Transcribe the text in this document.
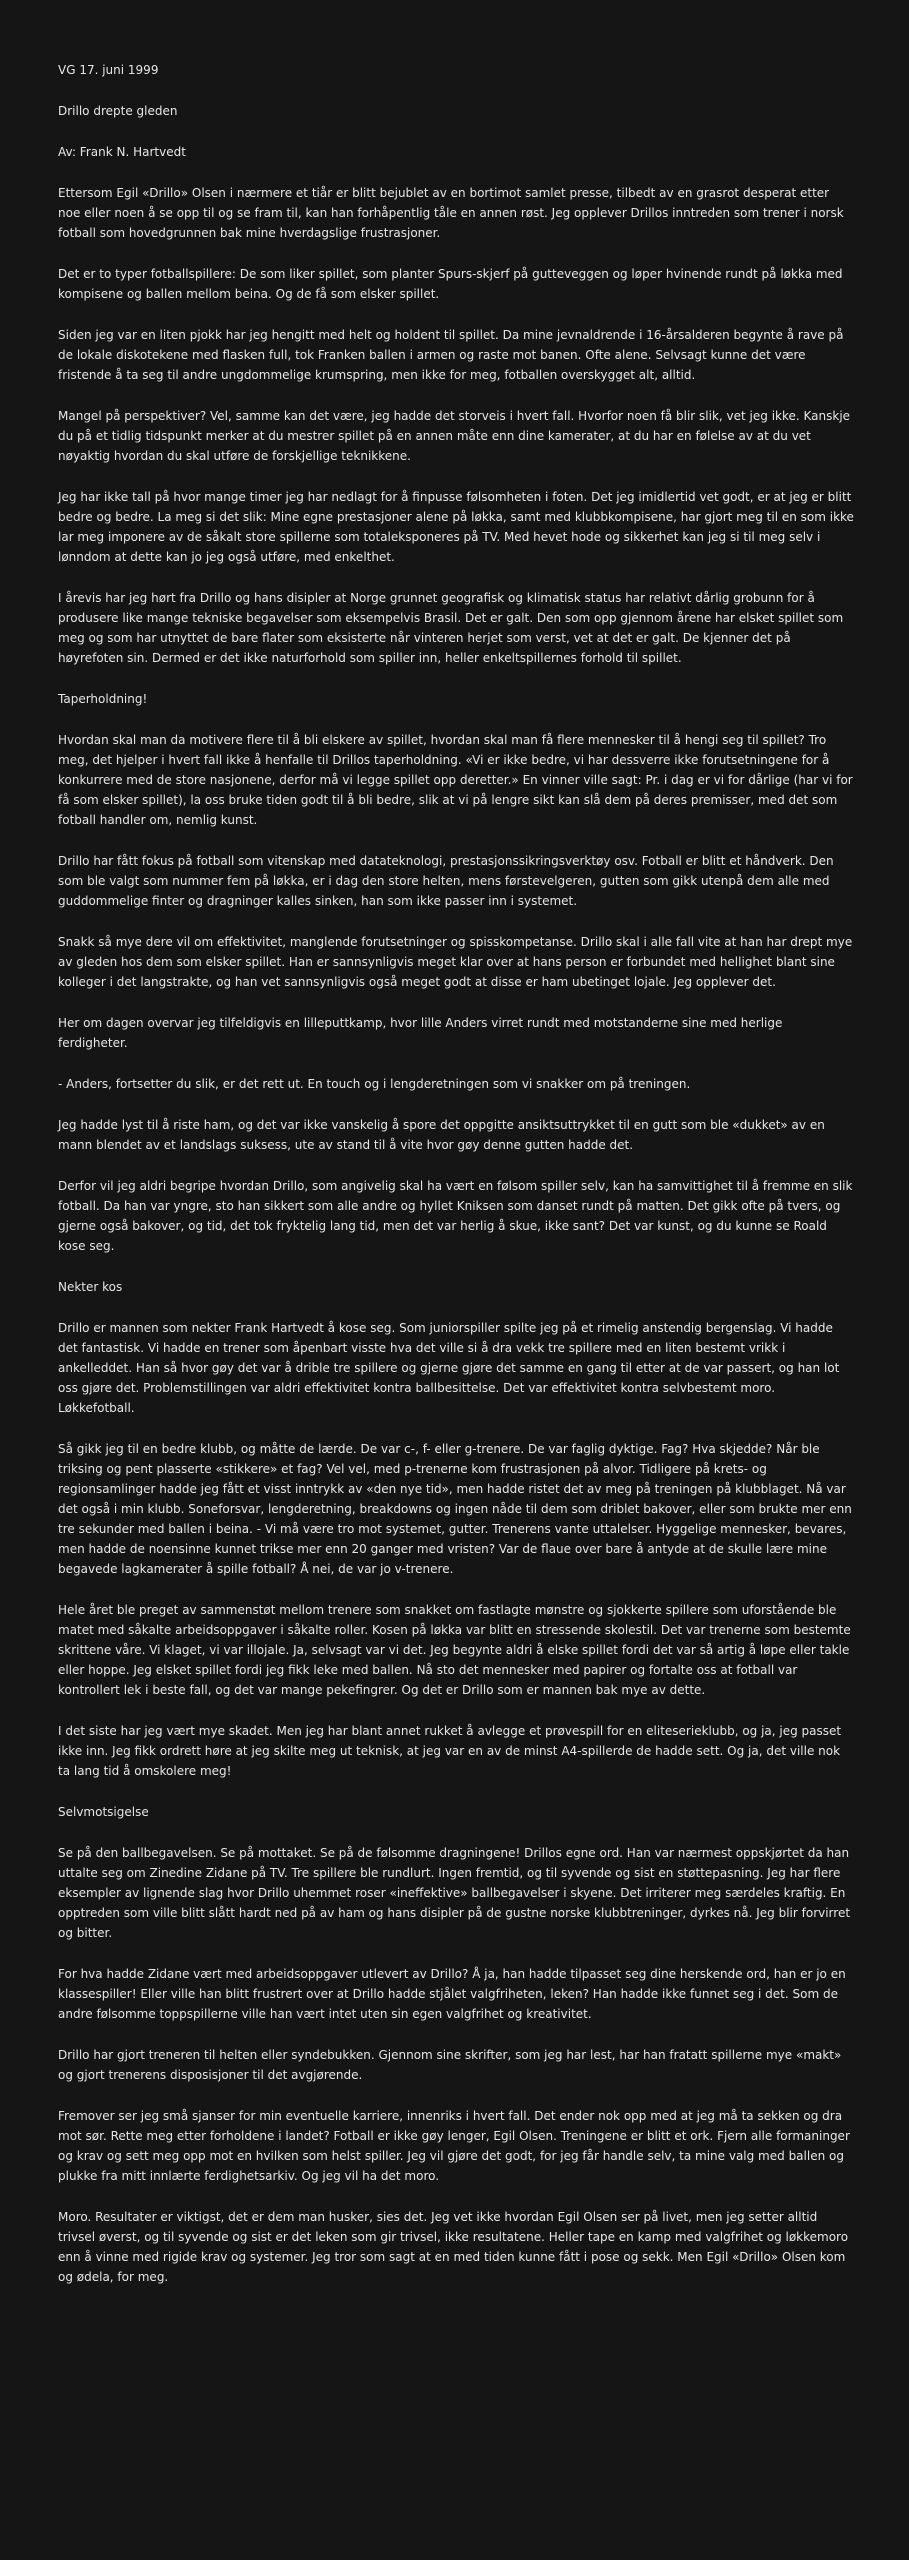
VG 17. juni 1999

Drillo drepte gleden

Av: Frank N. Hartvedt

Ettersom Egil «Drillo» Olsen i nærmere et tiår er blitt bejublet av en bortimot samlet presse, tilbedt av en grasrot desperat etter noe eller noen å se opp til og se fram til, kan han forhåpentlig tåle en annen røst. Jeg opplever Drillos inntreden som trener i norsk fotball som hovedgrunnen bak mine hverdagslige frustrasjoner.

Det er to typer fotballspillere: De som liker spillet, som planter Spurs-skjerf på gutteveggen og løper hvinende rundt på løkka med kompisene og ballen mellom beina. Og de få som elsker spillet.

Siden jeg var en liten pjokk har jeg hengitt med helt og holdent til spillet. Da mine jevnaldrende i 16-årsalderen begynte å rave på de lokale diskotekene med flasken full, tok Franken ballen i armen og raste mot banen. Ofte alene. Selvsagt kunne det være fristende å ta seg til andre ungdommelige krumspring, men ikke for meg, fotballen overskygget alt, alltid.

Mangel på perspektiver? Vel, samme kan det være, jeg hadde det storveis i hvert fall. Hvorfor noen få blir slik, vet jeg ikke. Kanskje du på et tidlig tidspunkt merker at du mestrer spillet på en annen måte enn dine kamerater, at du har en følelse av at du vet nøyaktig hvordan du skal utføre de forskjellige teknikkene.

Jeg har ikke tall på hvor mange timer jeg har nedlagt for å finpusse følsomheten i foten. Det jeg imidlertid vet godt, er at jeg er blitt bedre og bedre. La meg si det slik: Mine egne prestasjoner alene på løkka, samt med klubbkompisene, har gjort meg til en som ikke lar meg imponere av de såkalt store spillerne som totaleksponeres på TV. Med hevet hode og sikkerhet kan jeg si til meg selv i lønndom at dette kan jo jeg også utføre, med enkelthet.

I årevis har jeg hørt fra Drillo og hans disipler at Norge grunnet geografisk og klimatisk status har relativt dårlig grobunn for å produsere like mange tekniske begavelser som eksempelvis Brasil. Det er galt. Den som opp gjennom årene har elsket spillet som meg og som har utnyttet de bare flater som eksisterte når vinteren herjet som verst, vet at det er galt. De kjenner det på høyrefoten sin. Dermed er det ikke naturforhold som spiller inn, heller enkeltspillernes forhold til spillet.

Taperholdning!

Hvordan skal man da motivere flere til å bli elskere av spillet, hvordan skal man få flere mennesker til å hengi seg til spillet? Tro meg, det hjelper i hvert fall ikke å henfalle til Drillos taperholdning. «Vi er ikke bedre, vi har dessverre ikke forutsetningene for å konkurrere med de store nasjonene, derfor må vi legge spillet opp deretter.» En vinner ville sagt: Pr. i dag er vi for dårlige (har vi for få som elsker spillet), la oss bruke tiden godt til å bli bedre, slik at vi på lengre sikt kan slå dem på deres premisser, med det som fotball handler om, nemlig kunst.

Drillo har fått fokus på fotball som vitenskap med datateknologi, prestasjonssikringsverktøy osv. Fotball er blitt et håndverk. Den som ble valgt som nummer fem på løkka, er i dag den store helten, mens førstevelgeren, gutten som gikk utenpå dem alle med guddommelige finter og dragninger kalles sinken, han som ikke passer inn i systemet.

Snakk så mye dere vil om effektivitet, manglende forutsetninger og spisskompetanse. Drillo skal i alle fall vite at han har drept mye av gleden hos dem som elsker spillet. Han er sannsynligvis meget klar over at hans person er forbundet med hellighet blant sine kolleger i det langstrakte, og han vet sannsynligvis også meget godt at disse er ham ubetinget lojale. Jeg opplever det.

Her om dagen overvar jeg tilfeldigvis en lilleputtkamp, hvor lille Anders virret rundt med motstanderne sine med herlige ferdigheter.

- Anders, fortsetter du slik, er det rett ut. En touch og i lengderetningen som vi snakker om på treningen.

Jeg hadde lyst til å riste ham, og det var ikke vanskelig å spore det oppgitte ansiktsuttrykket til en gutt som ble «dukket» av en mann blendet av et landslags suksess, ute av stand til å vite hvor gøy denne gutten hadde det.

Derfor vil jeg aldri begripe hvordan Drillo, som angivelig skal ha vært en følsom spiller selv, kan ha samvittighet til å fremme en slik fotball. Da han var yngre, sto han sikkert som alle andre og hyllet Kniksen som danset rundt på matten. Det gikk ofte på tvers, og gjerne også bakover, og tid, det tok fryktelig lang tid, men det var herlig å skue, ikke sant? Det var kunst, og du kunne se Roald kose seg.

Nekter kos

Drillo er mannen som nekter Frank Hartvedt å kose seg. Som juniorspiller spilte jeg på et rimelig anstendig bergenslag. Vi hadde det fantastisk. Vi hadde en trener som åpenbart visste hva det ville si å dra vekk tre spillere med en liten bestemt vrikk i ankelleddet. Han så hvor gøy det var å drible tre spillere og gjerne gjøre det samme en gang til etter at de var passert, og han lot oss gjøre det. Problemstillingen var aldri effektivitet kontra ballbesittelse. Det var effektivitet kontra selvbestemt moro. Løkkefotball.

Så gikk jeg til en bedre klubb, og måtte de lærde. De var c-, f- eller g-trenere. De var faglig dyktige. Fag? Hva skjedde? Når ble triksing og pent plasserte «stikkere» et fag? Vel vel, med p-trenerne kom frustrasjonen på alvor. Tidligere på krets- og regionsamlinger hadde jeg fått et visst inntrykk av «den nye tid», men hadde ristet det av meg på treningen på klubblaget. Nå var det også i min klubb. Soneforsvar, lengderetning, breakdowns og ingen nåde til dem som driblet bakover, eller som brukte mer enn tre sekunder med ballen i beina. - Vi må være tro mot systemet, gutter. Trenerens vante uttalelser. Hyggelige mennesker, bevares, men hadde de noensinne kunnet trikse mer enn 20 ganger med vristen? Var de flaue over bare å antyde at de skulle lære mine begavede lagkamerater å spille fotball? Å nei, de var jo v-trenere.

Hele året ble preget av sammenstøt mellom trenere som snakket om fastlagte mønstre og sjokkerte spillere som uforstående ble matet med såkalte arbeidsoppgaver i såkalte roller. Kosen på løkka var blitt en stressende skolestil. Det var trenerne som bestemte skrittene våre. Vi klaget, vi var illojale. Ja, selvsagt var vi det. Jeg begynte aldri å elske spillet fordi det var så artig å løpe eller takle eller hoppe. Jeg elsket spillet fordi jeg fikk leke med ballen. Nå sto det mennesker med papirer og fortalte oss at fotball var kontrollert lek i beste fall, og det var mange pekefingrer. Og det er Drillo som er mannen bak mye av dette.

I det siste har jeg vært mye skadet. Men jeg har blant annet rukket å avlegge et prøvespill for en eliteserieklubb, og ja, jeg passet ikke inn. Jeg fikk ordrett høre at jeg skilte meg ut teknisk, at jeg var en av de minst A4-spillerde de hadde sett. Og ja, det ville nok ta lang tid å omskolere meg!

Selvmotsigelse

Se på den ballbegavelsen. Se på mottaket. Se på de følsomme dragningene! Drillos egne ord. Han var nærmest oppskjørtet da han uttalte seg om Zinedine Zidane på TV. Tre spillere ble rundlurt. Ingen fremtid, og til syvende og sist en støttepasning. Jeg har flere eksempler av lignende slag hvor Drillo uhemmet roser «ineffektive» ballbegavelser i skyene. Det irriterer meg særdeles kraftig. En opptreden som ville blitt slått hardt ned på av ham og hans disipler på de gustne norske klubbtreninger, dyrkes nå. Jeg blir forvirret og bitter.

For hva hadde Zidane vært med arbeidsoppgaver utlevert av Drillo? Å ja, han hadde tilpasset seg dine herskende ord, han er jo en klassespiller! Eller ville han blitt frustrert over at Drillo hadde stjålet valgfriheten, leken? Han hadde ikke funnet seg i det. Som de andre følsomme toppspillerne ville han vært intet uten sin egen valgfrihet og kreativitet.

Drillo har gjort treneren til helten eller syndebukken. Gjennom sine skrifter, som jeg har lest, har han fratatt spillerne mye «makt» og gjort trenerens disposisjoner til det avgjørende.

Fremover ser jeg små sjanser for min eventuelle karriere, innenriks i hvert fall. Det ender nok opp med at jeg må ta sekken og dra mot sør. Rette meg etter forholdene i landet? Fotball er ikke gøy lenger, Egil Olsen. Treningene er blitt et ork. Fjern alle formaninger og krav og sett meg opp mot en hvilken som helst spiller. Jeg vil gjøre det godt, for jeg får handle selv, ta mine valg med ballen og plukke fra mitt innlærte ferdighetsarkiv. Og jeg vil ha det moro.

Moro. Resultater er viktigst, det er dem man husker, sies det. Jeg vet ikke hvordan Egil Olsen ser på livet, men jeg setter alltid trivsel øverst, og til syvende og sist er det leken som gir trivsel, ikke resultatene. Heller tape en kamp med valgfrihet og løkkemoro enn å vinne med rigide krav og systemer. Jeg tror som sagt at en med tiden kunne fått i pose og sekk. Men Egil «Drillo» Olsen kom og ødela, for meg.
